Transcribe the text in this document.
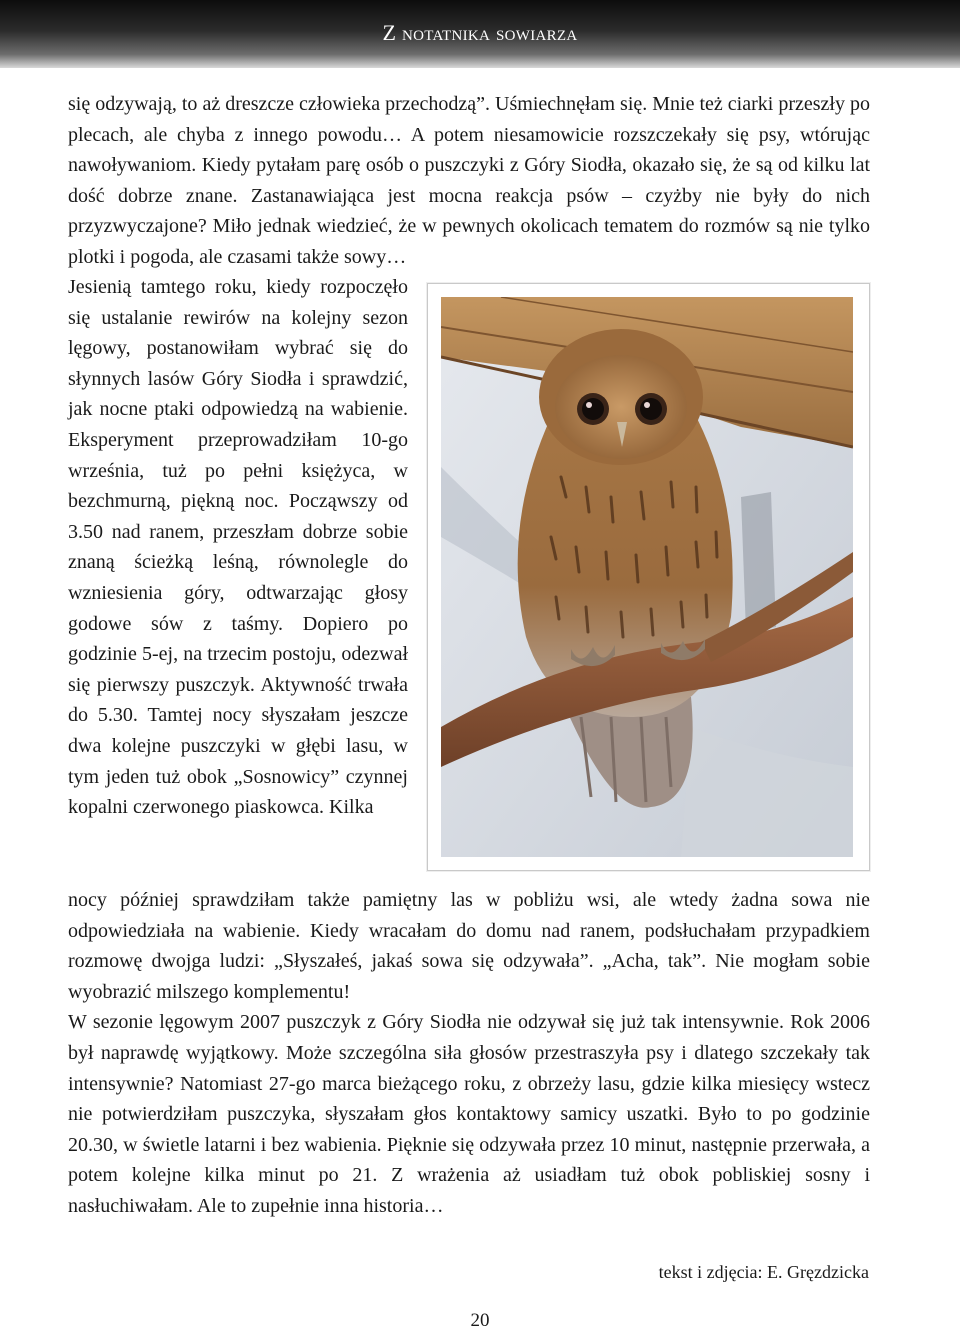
Z notatnika sowiarza

się odzywają, to aż dreszcze człowieka przechodzą”. Uśmiechnęłam się. Mnie też ciarki przeszły po plecach, ale chyba z innego powodu… A potem niesamowicie rozszczekały się psy, wtórując nawoływaniom. Kiedy pytałam parę osób o puszczyki z Góry Siodła, okazało się, że są od kilku lat dość dobrze znane. Zastanawiająca jest mocna reakcja psów – czyżby nie były do nich przyzwyczajone? Miło jednak wiedzieć, że w pewnych okolicach tematem do rozmów są nie tylko plotki i pogoda, ale czasami także sowy…

Jesienią tamtego roku, kiedy rozpoczęło się ustalanie rewirów na kolejny sezon lęgowy, postanowiłam wybrać się do słynnych lasów Góry Siodła i sprawdzić, jak nocne ptaki odpowiedzą na wabienie. Eksperyment przeprowadziłam 10-go września, tuż po pełni księżyca, w bezchmurną, piękną noc. Począwszy od 3.50 nad ranem, przeszłam dobrze sobie znaną ścieżką leśną, równolegle do wzniesienia góry, odtwarzając głosy godowe sów z taśmy. Dopiero po godzinie 5-ej, na trzecim postoju, odezwał się pierwszy puszczyk. Aktywność trwała do 5.30. Tamtej nocy słyszałam jeszcze dwa kolejne puszczyki w głębi lasu, w tym jeden tuż obok „Sosnowicy” czynnej kopalni czerwonego piaskowca. Kilka

nocy później sprawdziłam także pamiętny las w pobliżu wsi, ale wtedy żadna sowa nie odpowiedziała na wabienie. Kiedy wracałam do domu nad ranem, podsłuchałam przypadkiem rozmowę dwojga ludzi: „Słyszałeś, jakaś sowa się odzywała”. „Acha, tak”. Nie mogłam sobie wyobrazić milszego komplementu!

W sezonie lęgowym 2007 puszczyk z Góry Siodła nie odzywał się już tak intensywnie. Rok 2006 był naprawdę wyjątkowy. Może szczególna siła głosów przestraszyła psy i dlatego szczekały tak intensywnie? Natomiast 27-go marca bieżącego roku, z obrzeży lasu, gdzie kilka miesięcy wstecz nie potwierdziłam puszczyka, słyszałam głos kontaktowy samicy uszatki. Było to po godzinie 20.30, w świetle latarni i bez wabienia. Pięknie się odzywała przez 10 minut, następnie przerwała, a potem kolejne kilka minut po 21. Z wrażenia aż usiadłam tuż obok pobliskiej sosny i nasłuchiwałam. Ale to zupełnie inna historia…

tekst i zdjęcia: E. Gręzdzicka
20
